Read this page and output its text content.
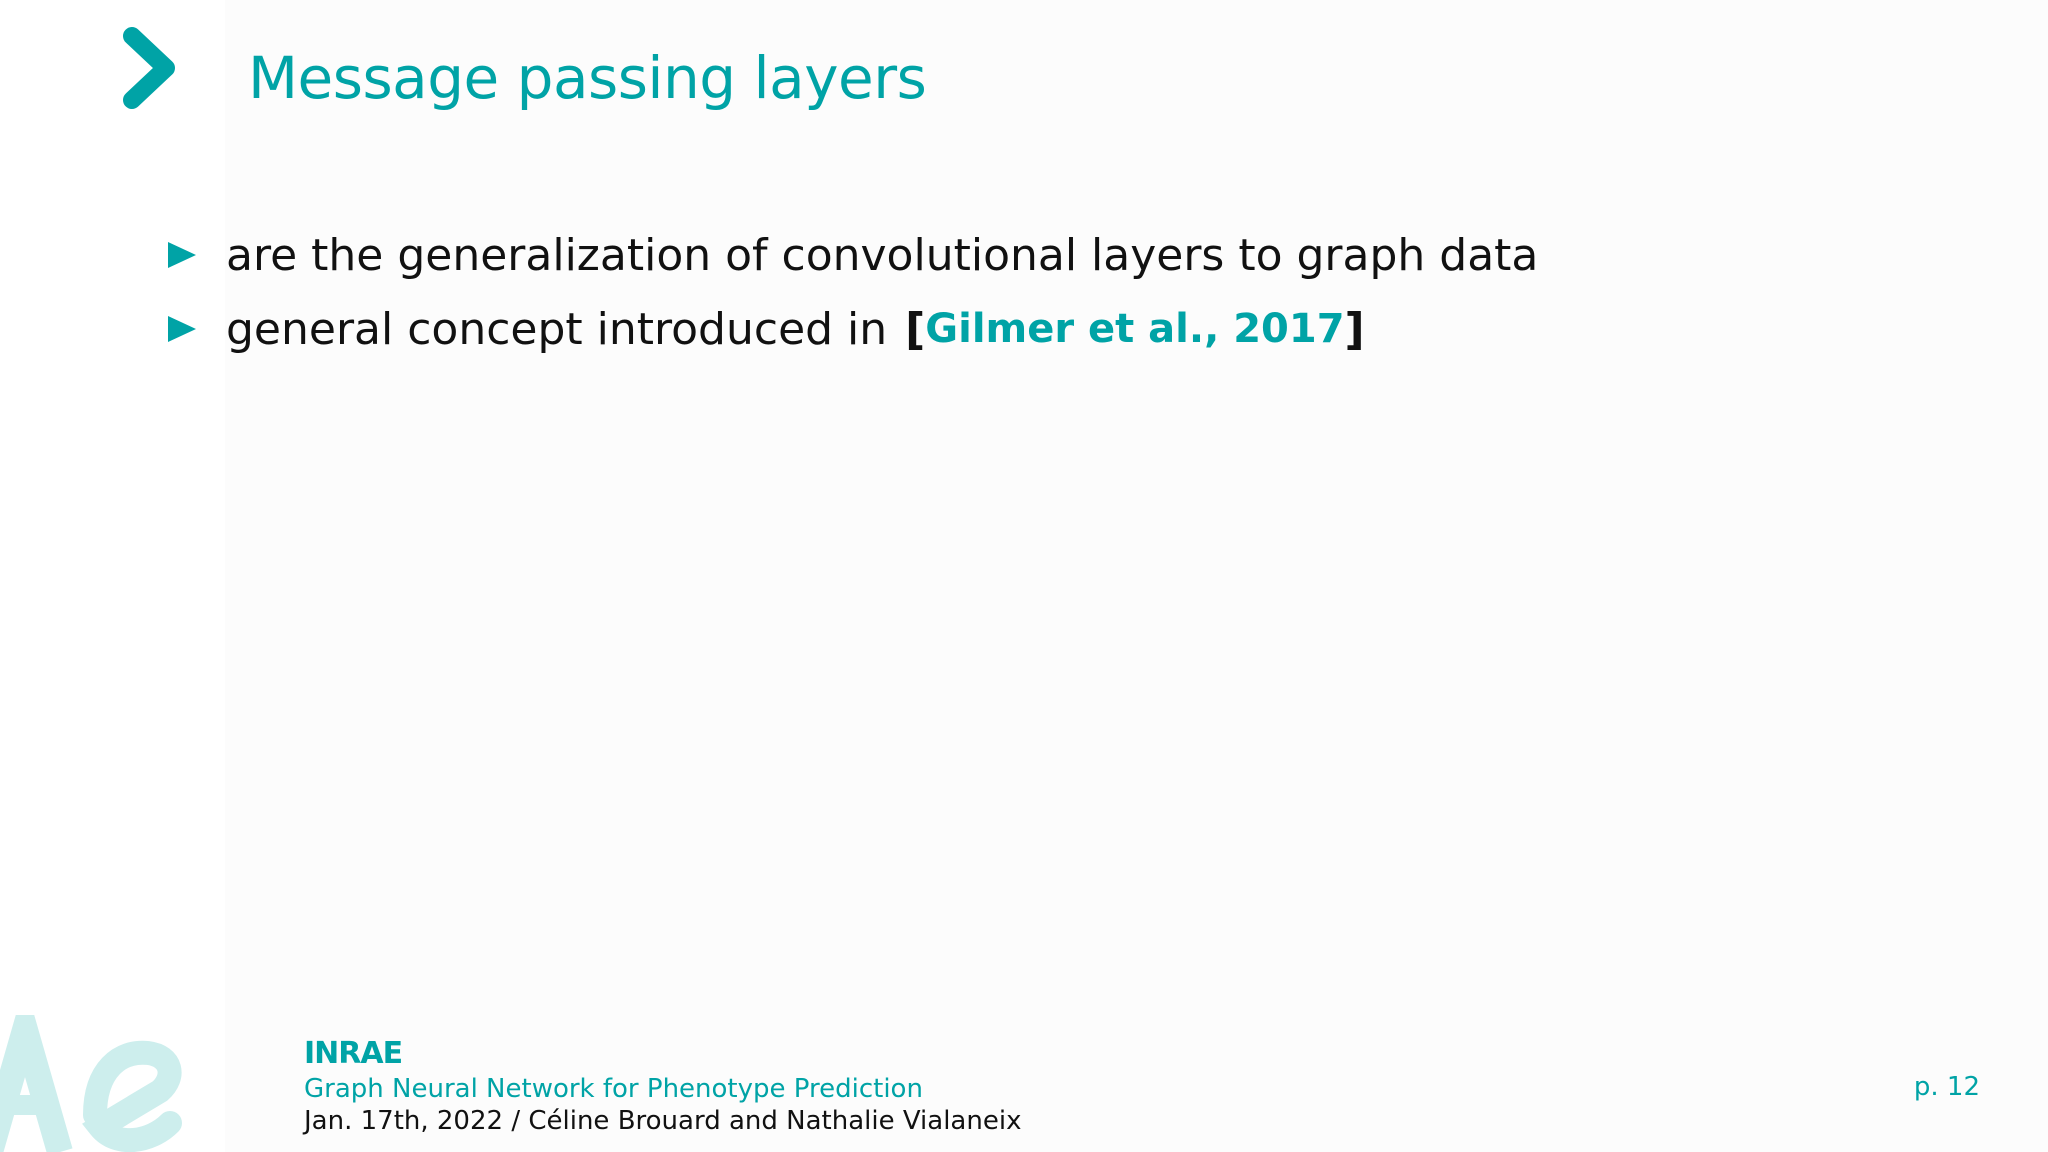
Message passing layers
are the generalization of convolutional layers to graph data
general concept introduced in [ Gilmer et al., 2017 ]
INRAE
Graph Neural Network for Phenotype Prediction
Jan. 17th, 2022 / Céline Brouard and Nathalie Vialaneix
p. 12
